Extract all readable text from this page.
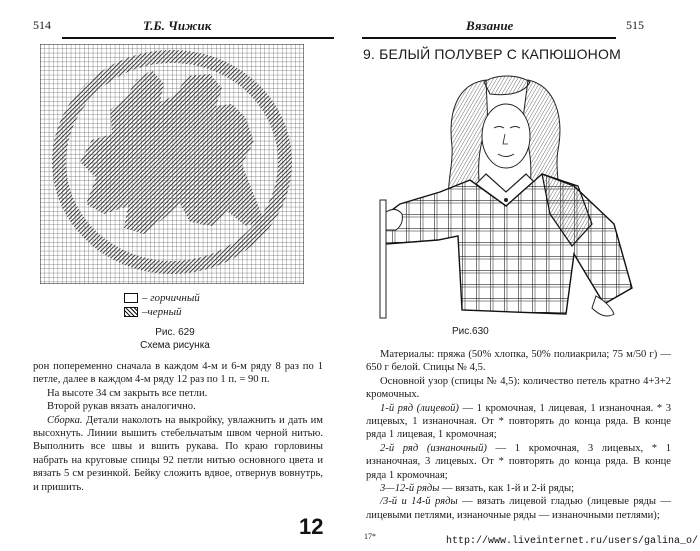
514	Т.Б. Чижик
– горчичный
–черный
Рис. 629
Схема рисунка

рон попеременно сначала в каждом 4-м и 6-м ряду 8 раз по 1 петле, далее в каждом 4-м ряду 12 раз по 1 п. = 90 п.

На высоте 34 см закрыть все петли.

Второй рукав вязать аналогично.

Сборка. Детали наколоть на выкройку, увлажнить и дать им высохнуть. Линии вышить стебельчатым швом черной нитью. Выполнить все швы и вшить рукава. По краю горловины набрать на круговые спицы 92 петли нитью основного цвета и вязать 5 см резинкой. Бейку сложить вдвое, отвернув вовнутрь, и пришить.

12
Вязание	515
9. БЕЛЫЙ ПОЛУВЕР С КАПЮШОНОМ
Рис.630

Материалы: пряжа (50% хлопка, 50% полиакрила; 75 м/50 г) — 650 г белой. Спицы № 4,5.

Основной узор (спицы № 4,5): количество петель кратно 4+3+2 кромочных.

1-й ряд (лицевой) — 1 кромочная, 1 лицевая, 1 изнаночная. * 3 лицевых, 1 изнаночная. От * повторять до конца ряда. В конце ряда 1 лицевая, 1 кромочная;

2-й ряд (изнаночный) — 1 кромочная, 3 лицевых, * 1 изнаночная, 3 лицевых. От * повторять до конца ряда. В конце ряда 1 кромочная;

3—12-й ряды — вязать, как 1-й и 2-й ряды;

/3-й и 14-й ряды — вязать лицевой гладью (лицевые ряды — лицевыми петлями, изнаночные ряды — изнаночными петлями);

17*	http://www.liveinternet.ru/users/galina_o/
